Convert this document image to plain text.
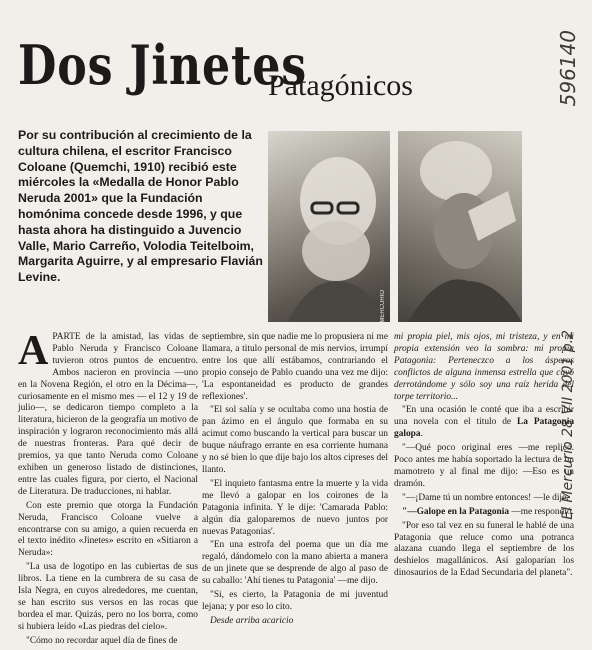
Dos Jinetes
Patagónicos
Por su contribución al crecimiento de la cultura chilena, el escritor Francisco Coloane (Quemchi, 1910) recibió este miércoles la «Medalla de Honor Pablo Neruda 2001» que la Fundación homónima concede desde 1996, y que hasta ahora ha distinguido a Juvencio Valle, Mario Carreño, Volodia Teitelboim, Margarita Aguirre, y al empresario Flavián Levine.
EL MERCURIO

APARTE de la amistad, las vidas de Pablo Neruda y Francisco Coloane tuvieron otros puntos de encuentro. Ambos nacieron en provincia —uno en la Novena Región, el otro en la Décima—, curiosamente en el mismo mes — el 12 y 19 de julio—, se dedicaron tiempo completo a la literatura, hicieron de la geografía un motivo de inspiración y lograron reconocimiento más allá de nuestras fronteras. Para qué decir de premios, ya que tanto Neruda como Coloane exhiben un generoso listado de distinciones, entre las cuales figura, por cierto, el Nacional de Literatura. De traducciones, ni hablar.

Con este premio que otorga la Fundación Neruda, Francisco Coloane vuelve a encontrarse con su amigo, a quien recuerda en el texto inédito «Jinetes» escrito en «Sitiaron a Neruda»:

"La usa de logotipo en las cubiertas de sus libros. La tiene en la cumbrera de su casa de Isla Negra, en cuyos alrededores, me cuentan, se han escrito sus versos en las rocas que bordea el mar. Quizás, pero no los borra, como si hubiera leído «Las piedras del cielo».

"Cómo no recordar aquel día de fines de

septiembre, sin que nadie me lo propusiera ni me llamara, a titulo personal de mis nervios, irrumpí entre los que allí estábamos, contrariando el propio consejo de Pablo cuando una vez me dijo: 'La espontaneidad es producto de grandes reflexiones'.

"El sol salía y se ocultaba como una hostia de pan ázimo en el ángulo que formaba en su acimut como buscando la vertical para buscar un buque náufrago errante en esa corriente humana y no sé bien lo que dije bajo los altos cipreses del llanto.

"El inquieto fantasma entre la muerte y la vida me llevó a galopar en los coirones de la Patagonia infinita. Y le dije: 'Camarada Pablo: algún día galoparemos de nuevo juntos por nuevas Patagonias'.

"En una estrofa del poema que un día me regaló, dándomelo con la mano abierta a manera de un jinete que se desprende de algo al paso de su caballo: 'Ahí tienes tu Patagonia' —me dijo.

"Si, es cierto, la Patagonia de mi juventud lejana; y por eso lo cito.

Desde arriba acaricio

mi propia piel, mis ojos, mi tristeza, y en mi propia extensión veo la sombra: mi propia Patagonia: Perteneczco a los ásperos conflictos de alguna inmensa estrella que cayó derrotándome y sólo soy una raíz herida del torpe territorio...

"En una ocasión le conté que iba a escribir una novela con el título de La Patagonia galopa.

"—Qué poco original eres —me replicó. Poco antes me había soportado la lectura de un mamotreto y al final me dijo: —Eso es un dramón.

"—¡Dame tú un nombre entonces! —le dije.

"—Galope en la Patagonia —me respondió.

"Por eso tal vez en su funeral le hablé de una Patagonia que reluce como una potranca alazana cuando llega el septiembre de los deshielos magallánicos. Así galoparían los dinosaurios de la Edad Secundaria del planeta".

596140
El Mercurio 28 VII 2001 p.2
